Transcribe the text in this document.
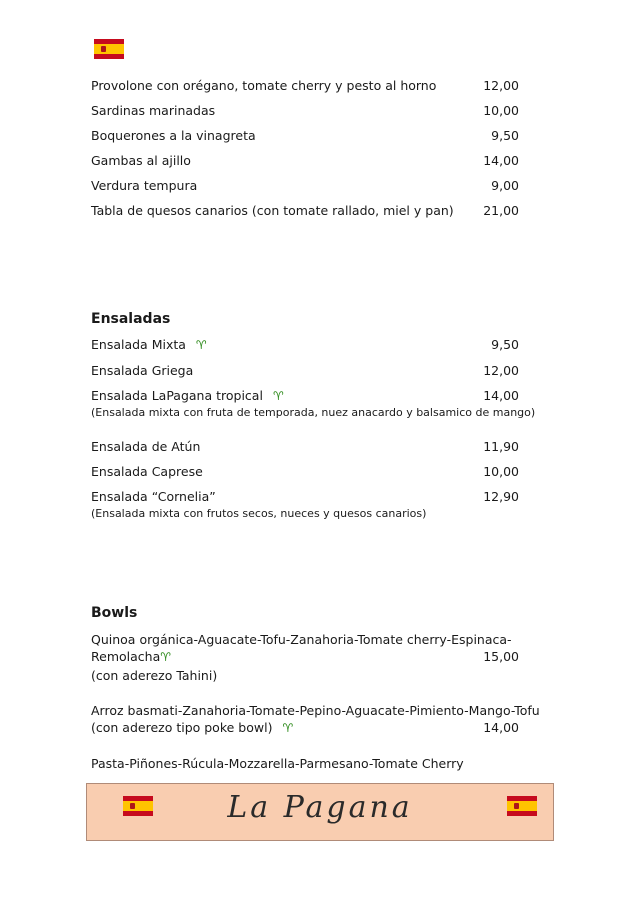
Provolone con orégano, tomate cherry y pesto al horno	12,00
Sardinas marinadas	10,00
Boquerones a la vinagreta	9,50
Gambas al ajillo	14,00
Verdura tempura	9,00
Tabla de quesos canarios (con tomate rallado, miel y pan) 21,00
Ensaladas
Ensalada Mixta ♈	9,50
Ensalada Griega	12,00
Ensalada LaPagana tropical ♈	14,00
(Ensalada mixta con fruta de temporada, nuez anacardo y balsamico de mango)
Ensalada de Atún	11,90
Ensalada Caprese	10,00
Ensalada “Cornelia”	12,90
(Ensalada mixta con frutos secos, nueces y quesos canarios)
Bowls
Quinoa orgánica-Aguacate-Tofu-Zanahoria-Tomate cherry-Espinaca-
Remolacha♈	15,00
(con aderezo Tahini)
Arroz basmati-Zanahoria-Tomate-Pepino-Aguacate-Pimiento-Mango-Tofu
(con aderezo tipo poke bowl) ♈	14,00
Pasta-Piñones-Rúcula-Mozzarella-Parmesano-Tomate Cherry
La Pagana
